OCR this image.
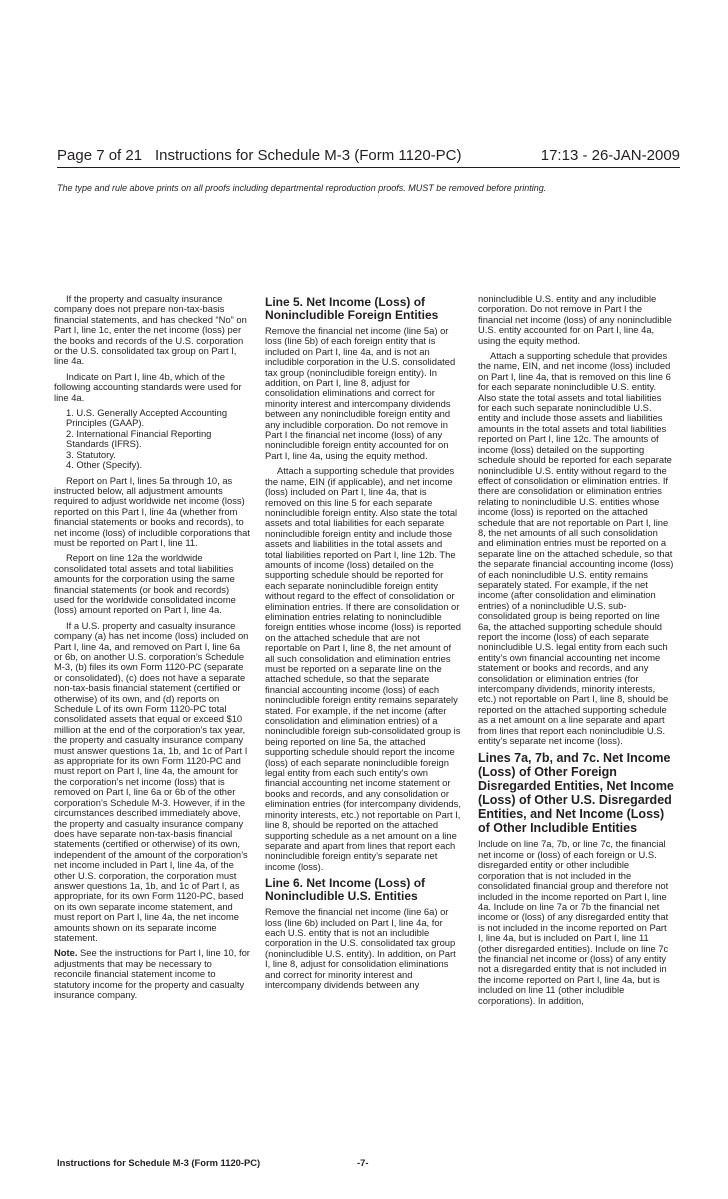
Page 7 of 21 Instructions for Schedule M-3 (Form 1120-PC)	17:13 - 26-JAN-2009
The type and rule above prints on all proofs including departmental reproduction proofs. MUST be removed before printing.

If the property and casualty insurance company does not prepare non-tax-basis financial statements, and has checked “No” on Part I, line 1c, enter the net income (loss) per the books and records of the U.S. corporation or the U.S. consolidated tax group on Part I, line 4a.

Indicate on Part I, line 4b, which of the following accounting standards were used for line 4a.

1. U.S. Generally Accepted Accounting Principles (GAAP).

2. International Financial Reporting Standards (IFRS).

3. Statutory.

4. Other (Specify).

Report on Part I, lines 5a through 10, as instructed below, all adjustment amounts required to adjust worldwide net income (loss) reported on this Part I, line 4a (whether from financial statements or books and records), to net income (loss) of includible corporations that must be reported on Part I, line 11.

Report on line 12a the worldwide consolidated total assets and total liabilities amounts for the corporation using the same financial statements (or book and records) used for the worldwide consolidated income (loss) amount reported on Part I, line 4a.

If a U.S. property and casualty insurance company (a) has net income (loss) included on Part I, line 4a, and removed on Part I, line 6a or 6b, on another U.S. corporation’s Schedule M-3, (b) files its own Form 1120-PC (separate or consolidated), (c) does not have a separate non-tax-basis financial statement (certified or otherwise) of its own, and (d) reports on Schedule L of its own Form 1120-PC total consolidated assets that equal or exceed $10 million at the end of the corporation’s tax year, the property and casualty insurance company must answer questions 1a, 1b, and 1c of Part I as appropriate for its own Form 1120-PC and must report on Part I, line 4a, the amount for the corporation’s net income (loss) that is removed on Part I, line 6a or 6b of the other corporation’s Schedule M-3. However, if in the circumstances described immediately above, the property and casualty insurance company does have separate non-tax-basis financial statements (certified or otherwise) of its own, independent of the amount of the corporation’s net income included in Part I, line 4a, of the other U.S. corporation, the corporation must answer questions 1a, 1b, and 1c of Part I, as appropriate, for its own Form 1120-PC, based on its own separate income statement, and must report on Part I, line 4a, the net income amounts shown on its separate income statement.

Note. See the instructions for Part I, line 10, for adjustments that may be necessary to reconcile financial statement income to statutory income for the property and casualty insurance company.

Line 5. Net Income (Loss) of Nonincludible Foreign Entities

Remove the financial net income (line 5a) or loss (line 5b) of each foreign entity that is included on Part I, line 4a, and is not an includible corporation in the U.S. consolidated tax group (nonincludible foreign entity). In addition, on Part I, line 8, adjust for consolidation eliminations and correct for minority interest and intercompany dividends between any nonincludible foreign entity and any includible corporation. Do not remove in Part I the financial net income (loss) of any nonincludible foreign entity accounted for on Part I, line 4a, using the equity method.

Attach a supporting schedule that provides the name, EIN (if applicable), and net income (loss) included on Part I, line 4a, that is removed on this line 5 for each separate nonincludible foreign entity. Also state the total assets and total liabilities for each separate nonincludible foreign entity and include those assets and liabilities in the total assets and total liabilities reported on Part I, line 12b. The amounts of income (loss) detailed on the supporting schedule should be reported for each separate nonincludible foreign entity without regard to the effect of consolidation or elimination entries. If there are consolidation or elimination entries relating to nonincludible foreign entities whose income (loss) is reported on the attached schedule that are not reportable on Part I, line 8, the net amount of all such consolidation and elimination entries must be reported on a separate line on the attached schedule, so that the separate financial accounting income (loss) of each nonincludible foreign entity remains separately stated. For example, if the net income (after consolidation and elimination entries) of a nonincludible foreign sub-consolidated group is being reported on line 5a, the attached supporting schedule should report the income (loss) of each separate nonincludible foreign legal entity from each such entity’s own financial accounting net income statement or books and records, and any consolidation or elimination entries (for intercompany dividends, minority interests, etc.) not reportable on Part I, line 8, should be reported on the attached supporting schedule as a net amount on a line separate and apart from lines that report each nonincludible foreign entity’s separate net income (loss).

Line 6. Net Income (Loss) of Nonincludible U.S. Entities

Remove the financial net income (line 6a) or loss (line 6b) included on Part I, line 4a, for each U.S. entity that is not an includible corporation in the U.S. consolidated tax group (nonincludible U.S. entity). In addition, on Part I, line 8, adjust for consolidation eliminations and correct for minority interest and intercompany dividends between any

nonincludible U.S. entity and any includible corporation. Do not remove in Part I the financial net income (loss) of any nonincludible U.S. entity accounted for on Part I, line 4a, using the equity method.

Attach a supporting schedule that provides the name, EIN, and net income (loss) included on Part I, line 4a, that is removed on this line 6 for each separate nonincludible U.S. entity. Also state the total assets and total liabilities for each such separate nonincludible U.S. entity and include those assets and liabilities amounts in the total assets and total liabilities reported on Part I, line 12c. The amounts of income (loss) detailed on the supporting schedule should be reported for each separate nonincludible U.S. entity without regard to the effect of consolidation or elimination entries. If there are consolidation or elimination entries relating to nonincludible U.S. entities whose income (loss) is reported on the attached schedule that are not reportable on Part I, line 8, the net amounts of all such consolidation and elimination entries must be reported on a separate line on the attached schedule, so that the separate financial accounting income (loss) of each nonincludible U.S. entity remains separately stated. For example, if the net income (after consolidation and elimination entries) of a nonincludible U.S. sub-consolidated group is being reported on line 6a, the attached supporting schedule should report the income (loss) of each separate nonincludible U.S. legal entity from each such entity’s own financial accounting net income statement or books and records, and any consolidation or elimination entries (for intercompany dividends, minority interests, etc.) not reportable on Part I, line 8, should be reported on the attached supporting schedule as a net amount on a line separate and apart from lines that report each nonincludible U.S. entity’s separate net income (loss).

Lines 7a, 7b, and 7c. Net Income (Loss) of Other Foreign Disregarded Entities, Net Income (Loss) of Other U.S. Disregarded Entities, and Net Income (Loss) of Other Includible Entities

Include on line 7a, 7b, or line 7c, the financial net income or (loss) of each foreign or U.S. disregarded entity or other includible corporation that is not included in the consolidated financial group and therefore not included in the income reported on Part I, line 4a. Include on line 7a or 7b the financial net income or (loss) of any disregarded entity that is not included in the income reported on Part I, line 4a, but is included on Part I, line 11 (other disregarded entities). Include on line 7c the financial net income or (loss) of any entity not a disregarded entity that is not included in the income reported on Part I, line 4a, but is included on line 11 (other includible corporations). In addition,

Instructions for Schedule M-3 (Form 1120-PC)	-7-
